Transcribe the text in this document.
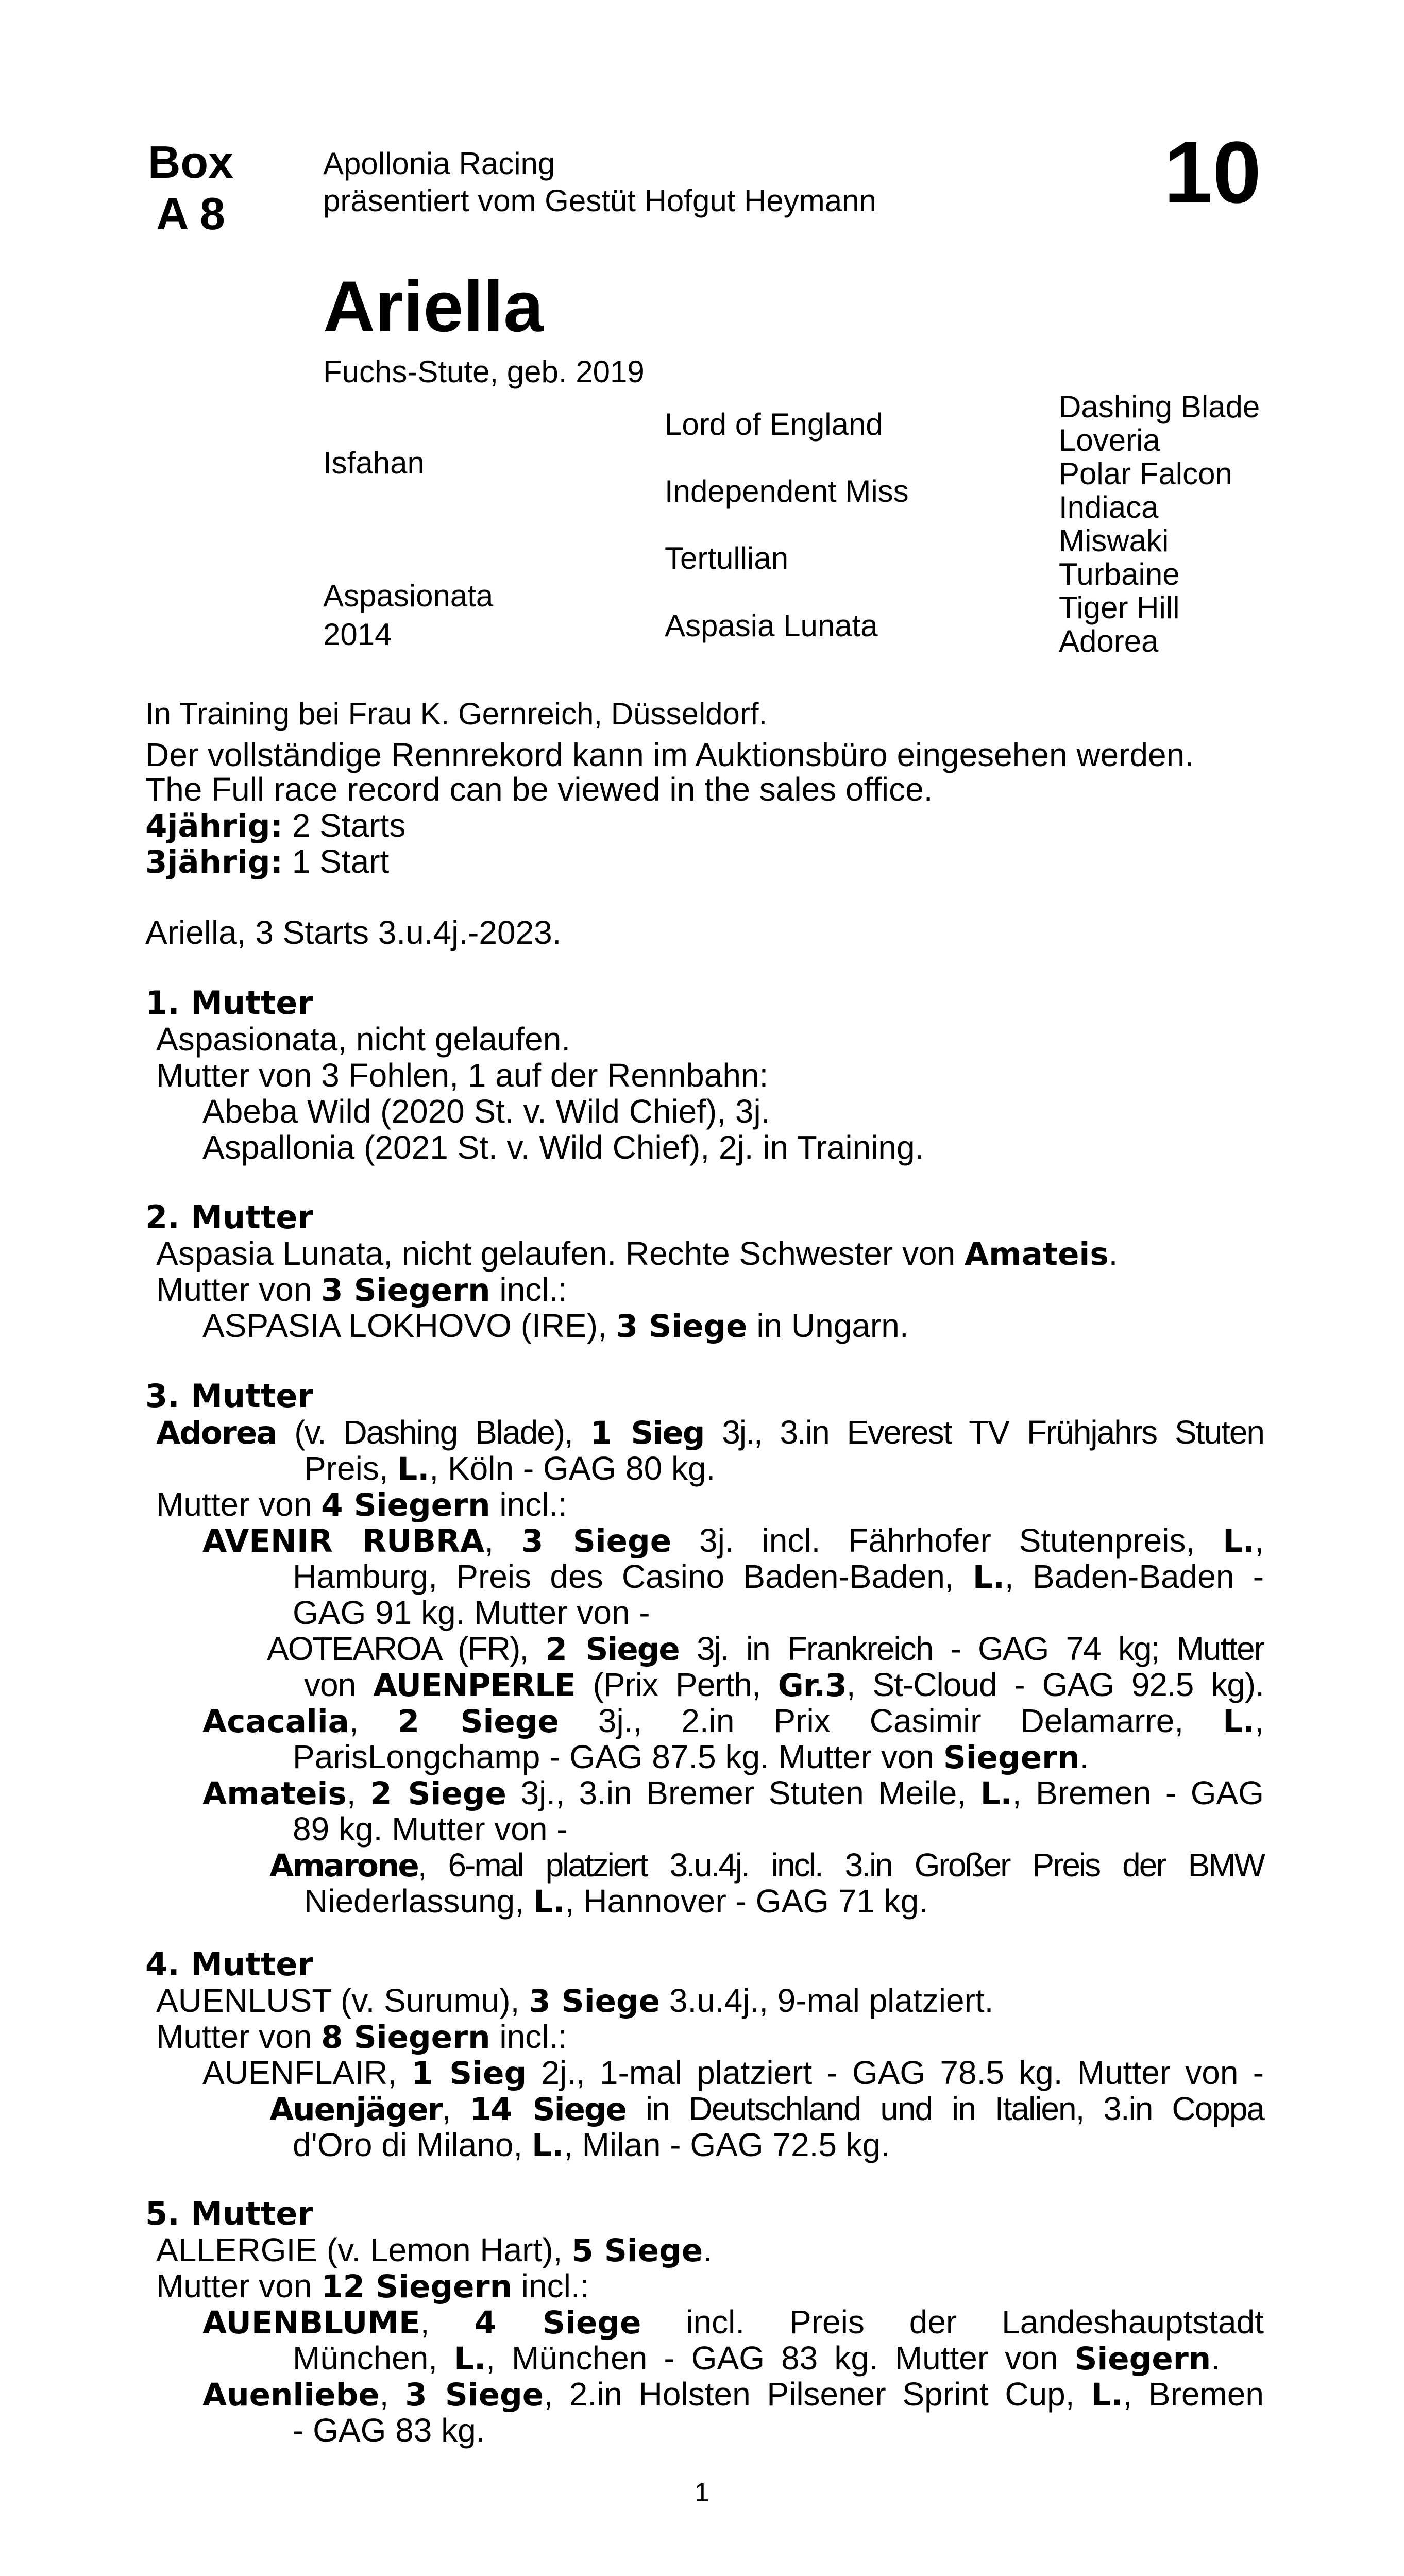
Box
A 8
Apollonia Racing
präsentiert vom Gestüt Hofgut Heymann	10
Ariella
Fuchs-Stute, geb. 2019
Isfahan
Aspasionata
2014
Lord of England
Independent Miss
Tertullian
Aspasia Lunata
Dashing Blade
Loveria
Polar Falcon
Indiaca
Miswaki
Turbaine
Tiger Hill
Adorea
In Training bei Frau K. Gernreich, Düsseldorf.
Der vollständige Rennrekord kann im Auktionsbüro eingesehen werden.
The Full race record can be viewed in the sales office.
4jährig: 2 Starts
3jährig: 1 Start
Ariella, 3 Starts 3.u.4j.-2023.
1. Mutter
Aspasionata, nicht gelaufen.
Mutter von 3 Fohlen, 1 auf der Rennbahn:
Abeba Wild (2020 St. v. Wild Chief), 3j.
Aspallonia (2021 St. v. Wild Chief), 2j. in Training.
2. Mutter
Aspasia Lunata, nicht gelaufen. Rechte Schwester von Amateis.
Mutter von 3 Siegern incl.:
ASPASIA LOKHOVO (IRE), 3 Siege in Ungarn.
3. Mutter
Adorea (v. Dashing Blade), 1 Sieg 3j., 3.in Everest TV Frühjahrs Stuten
Preis, L., Köln - GAG 80 kg.
Mutter von 4 Siegern incl.:
AVENIR RUBRA, 3 Siege 3j. incl. Fährhofer Stutenpreis, L.,
Hamburg, Preis des Casino Baden-Baden, L., Baden-Baden -
GAG 91 kg. Mutter von -
AOTEAROA (FR), 2 Siege 3j. in Frankreich - GAG 74 kg; Mutter
von AUENPERLE (Prix Perth, Gr.3, St-Cloud - GAG 92.5 kg).
Acacalia, 2 Siege 3j., 2.in Prix Casimir Delamarre, L.,
ParisLongchamp - GAG 87.5 kg. Mutter von Siegern.
Amateis, 2 Siege 3j., 3.in Bremer Stuten Meile, L., Bremen - GAG
89 kg. Mutter von -
Amarone, 6-mal platziert 3.u.4j. incl. 3.in Großer Preis der BMW
Niederlassung, L., Hannover - GAG 71 kg.
4. Mutter
AUENLUST (v. Surumu), 3 Siege 3.u.4j., 9-mal platziert.
Mutter von 8 Siegern incl.:
AUENFLAIR, 1 Sieg 2j., 1-mal platziert - GAG 78.5 kg. Mutter von -
Auenjäger, 14 Siege in Deutschland und in Italien, 3.in Coppa
d'Oro di Milano, L., Milan - GAG 72.5 kg.
5. Mutter
ALLERGIE (v. Lemon Hart), 5 Siege.
Mutter von 12 Siegern incl.:
AUENBLUME, 4 Siege incl. Preis der Landeshauptstadt
München, L., München - GAG 83 kg. Mutter von Siegern.
Auenliebe, 3 Siege, 2.in Holsten Pilsener Sprint Cup, L., Bremen
- GAG 83 kg.
1
